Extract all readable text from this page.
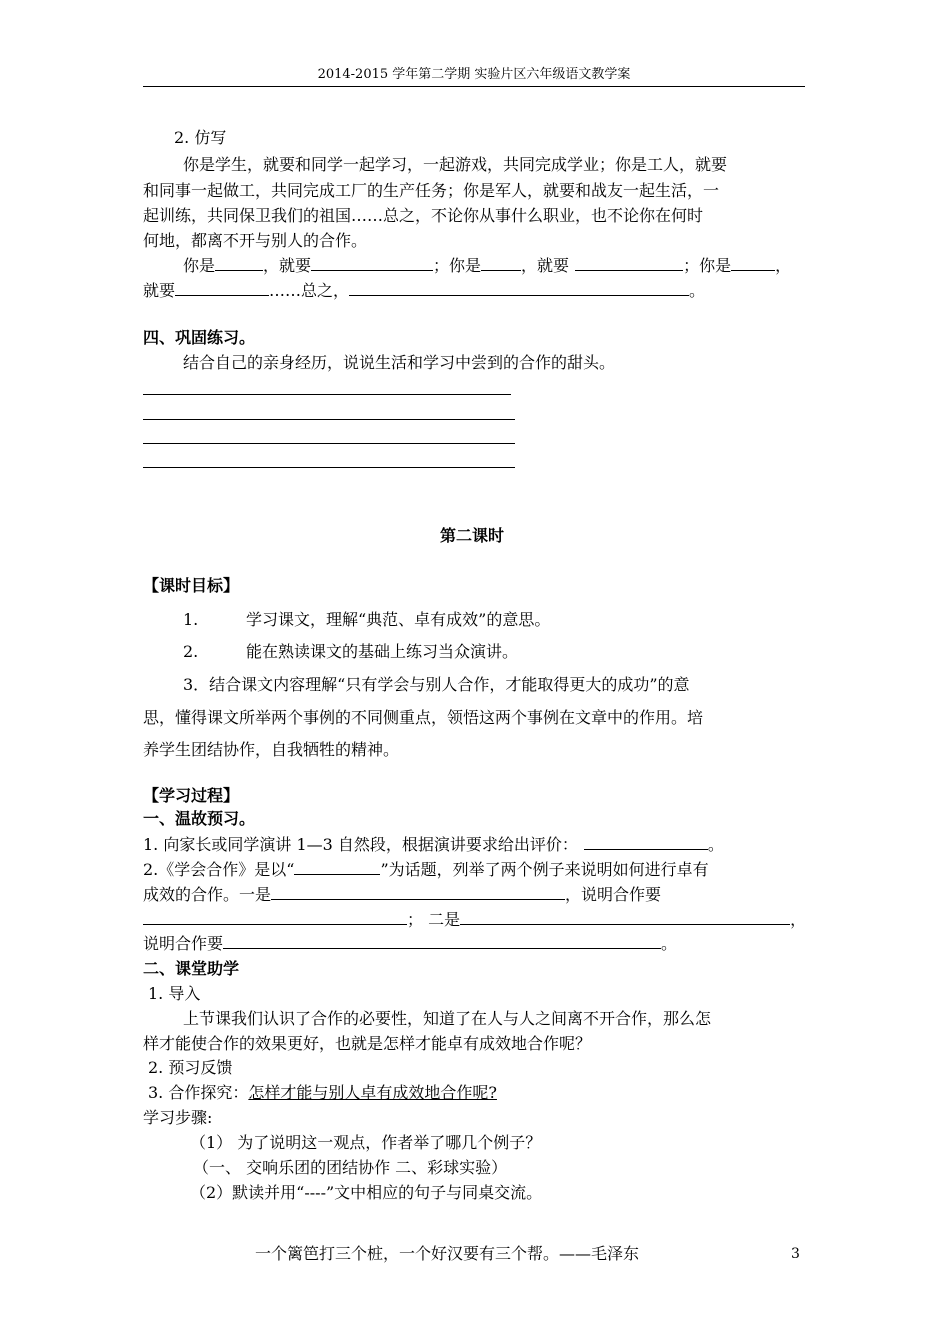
2014-2015 学年第二学期 实验片区六年级语文教学案
2. 仿写
你是学生，就要和同学一起学习，一起游戏，共同完成学业；你是工人，就要
和同事一起做工，共同完成工厂的生产任务；你是军人，就要和战友一起生活，一
起训练，共同保卫我们的祖国……总之，不论你从事什么职业，也不论你在何时
何地，都离不开与别人的合作。
你是	，就要	；你是	，就要	；你是	，
就要	……总之，	。
四、巩固练习。
结合自己的亲身经历，说说生活和学习中尝到的合作的甜头。
第二课时
【课时目标】
1.	学习课文，理解“典范、卓有成效”的意思。
2.	能在熟读课文的基础上练习当众演讲。
3．结合课文内容理解“只有学会与别人合作，才能取得更大的成功”的意
思，懂得课文所举两个事例的不同侧重点，领悟这两个事例在文章中的作用。培
养学生团结协作，自我牺牲的精神。
【学习过程】
一、温故预习。
1. 向家长或同学演讲 1—3 自然段，根据演讲要求给出评价：	。
2.《学会合作》是以“	”为话题，列举了两个例子来说明如何进行卓有
成效的合作。一是	，说明合作要
； 二是	，
说明合作要	。
二、课堂助学
1. 导入
上节课我们认识了合作的必要性，知道了在人与人之间离不开合作，那么怎
样才能使合作的效果更好，也就是怎样才能卓有成效地合作呢？
2. 预习反馈
3. 合作探究：怎样才能与别人卓有成效地合作呢?
学习步骤:
（1） 为了说明这一观点，作者举了哪几个例子？
（一、 交响乐团的团结协作 二、彩球实验）
（2）默读并用“----”文中相应的句子与同桌交流。
一个篱笆打三个桩，一个好汉要有三个帮。——毛泽东	3
